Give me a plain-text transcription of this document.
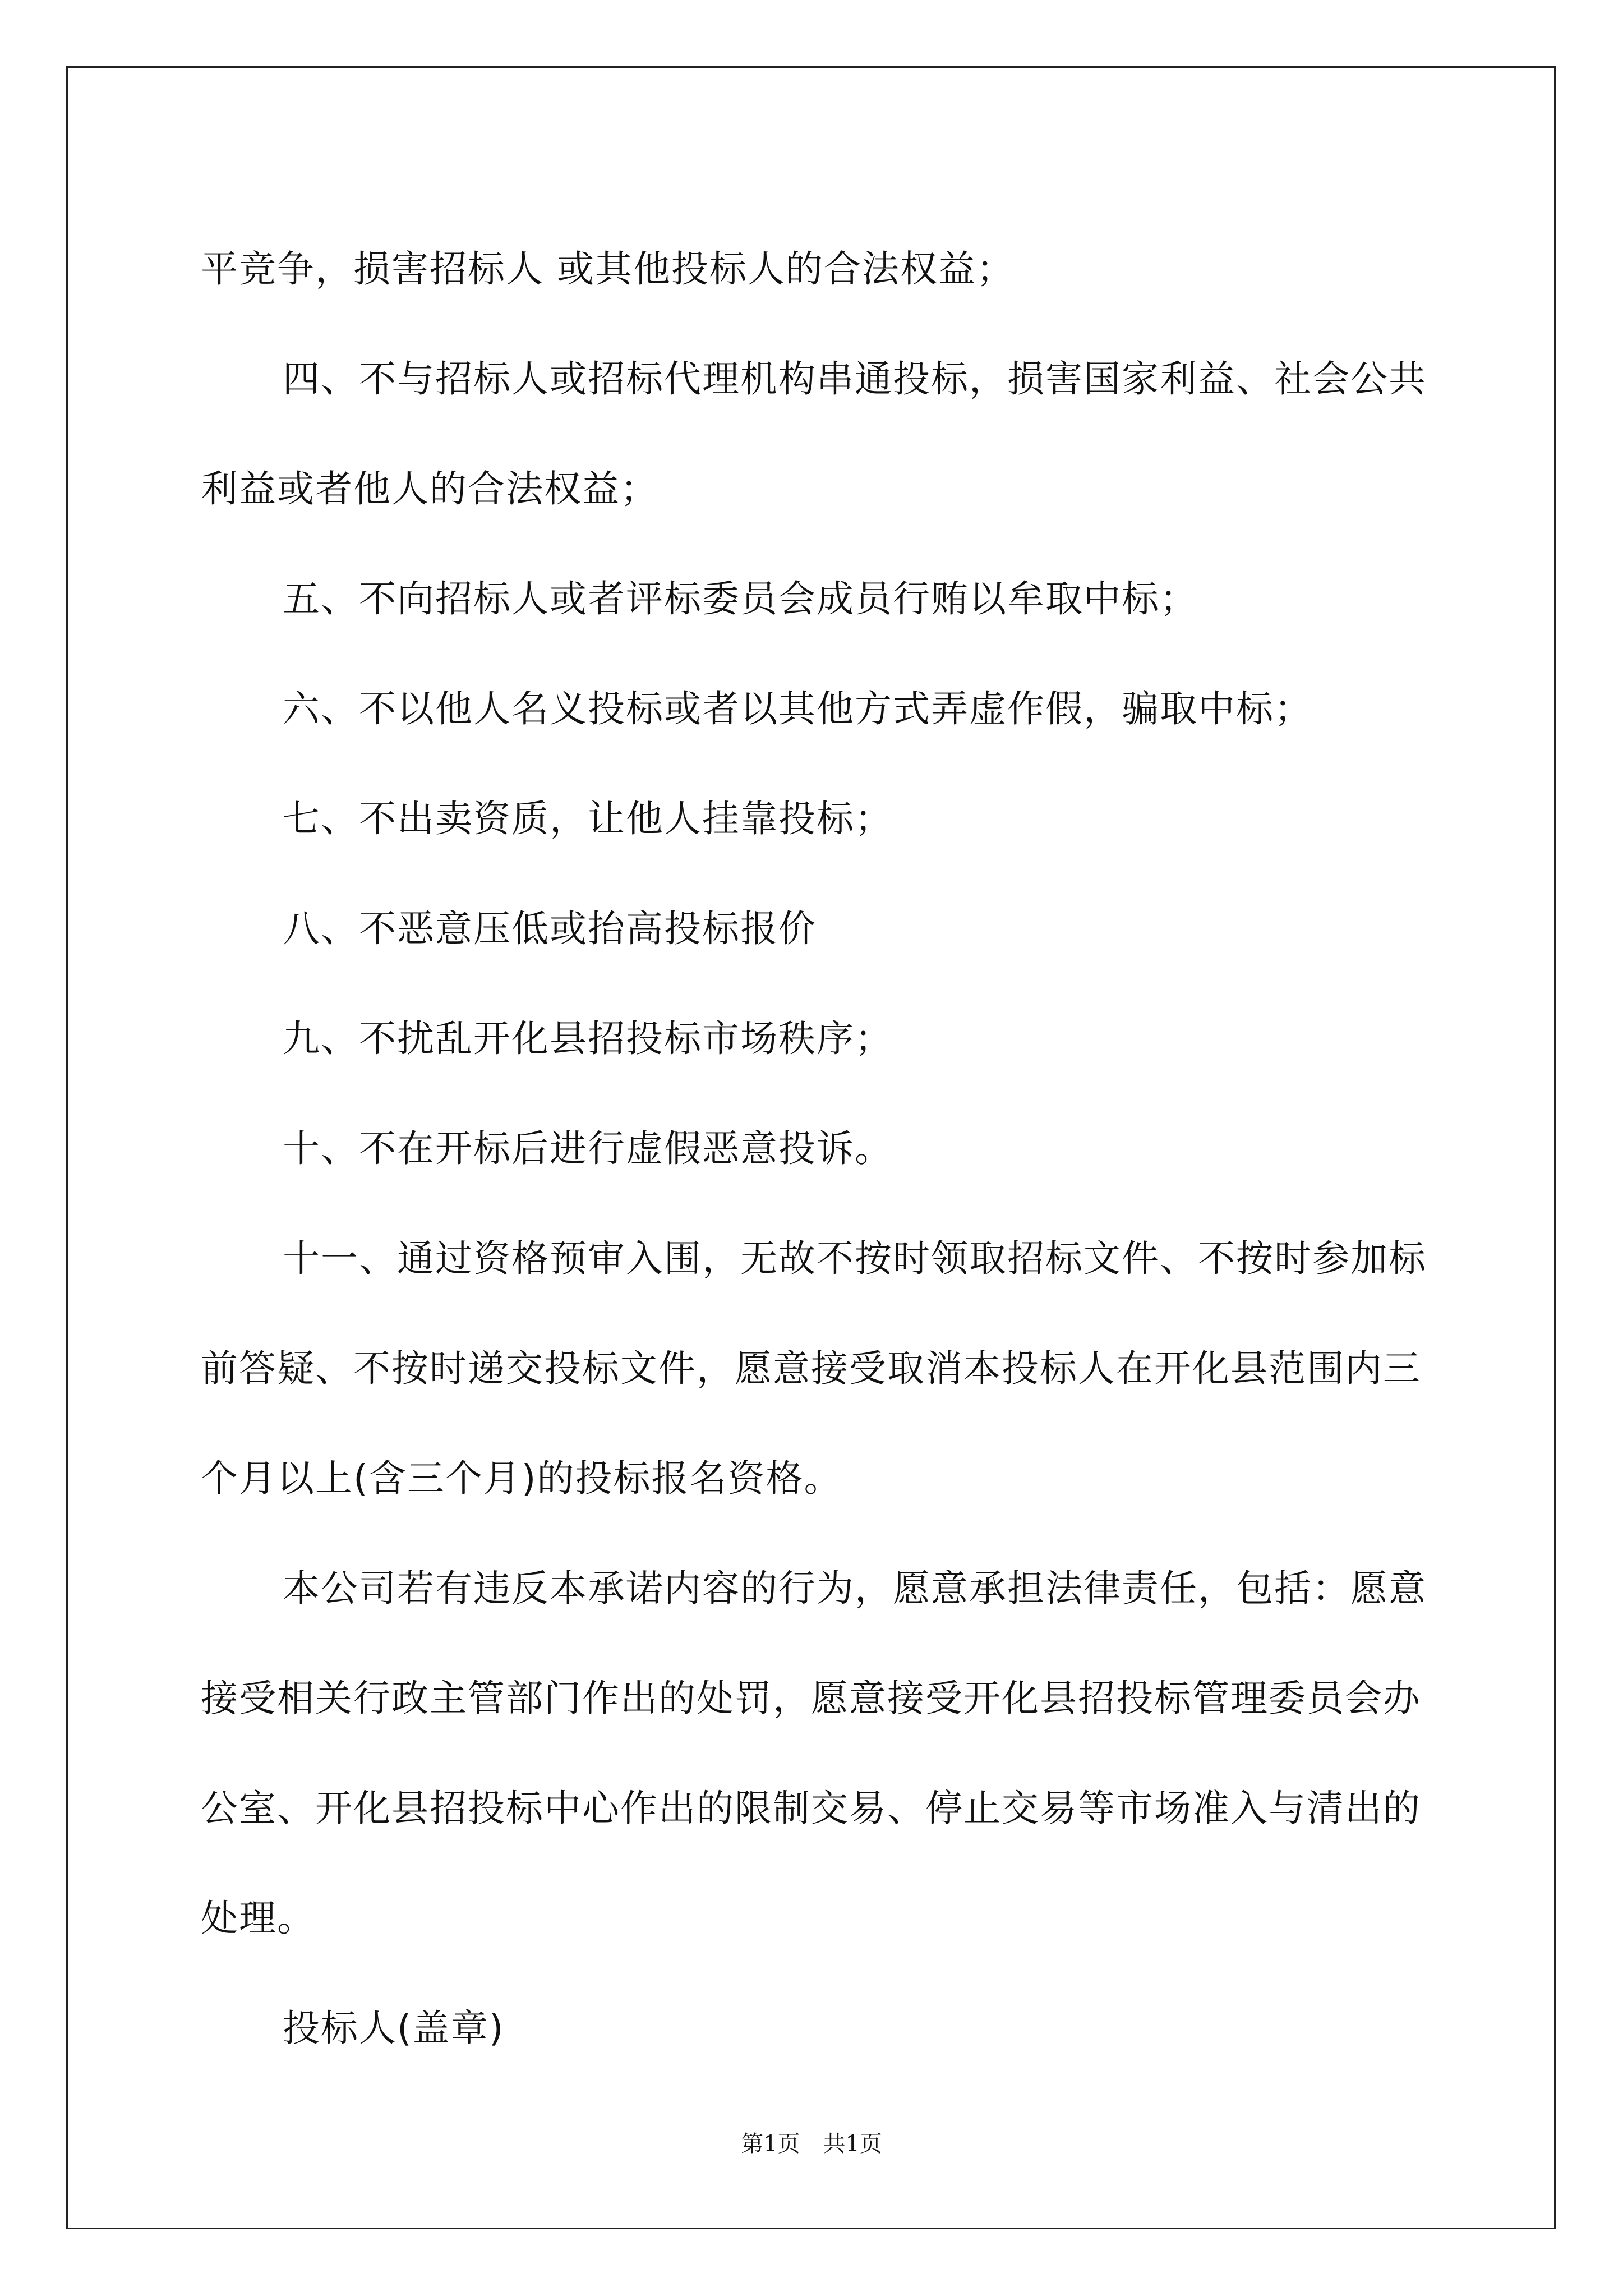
平竞争，损害招标人 或其他投标人的合法权益；

四、不与招标人或招标代理机构串通投标，损害国家利益、社会公共利益或者他人的合法权益；

五、不向招标人或者评标委员会成员行贿以牟取中标；

六、不以他人名义投标或者以其他方式弄虚作假，骗取中标；

七、不出卖资质，让他人挂靠投标；

八、不恶意压低或抬高投标报价

九、不扰乱开化县招投标市场秩序；

十、不在开标后进行虚假恶意投诉。

十一、通过资格预审入围，无故不按时领取招标文件、不按时参加标前答疑、不按时递交投标文件，愿意接受取消本投标人在开化县范围内三个月以上(含三个月)的投标报名资格。

本公司若有违反本承诺内容的行为，愿意承担法律责任，包括：愿意接受相关行政主管部门作出的处罚，愿意接受开化县招投标管理委员会办公室、开化县招投标中心作出的限制交易、停止交易等市场准入与清出的处理。

投标人(盖章)

第1页 共1页
